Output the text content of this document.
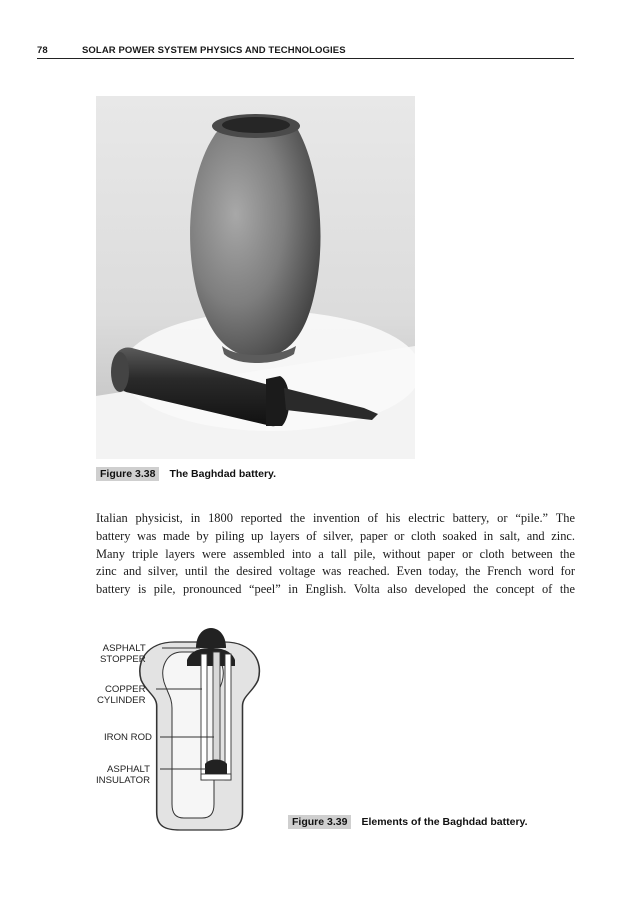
78	SOLAR POWER SYSTEM PHYSICS AND TECHNOLOGIES
Figure 3.38 The Baghdad battery.
Italian physicist, in 1800 reported the invention of his electric battery, or “pile.” The
battery was made by piling up layers of silver, paper or cloth soaked in salt, and zinc.
Many triple layers were assembled into a tall pile, without paper or cloth between the
zinc and silver, until the desired voltage was reached. Even today, the French word for
battery is pile, pronounced “peel” in English. Volta also developed the concept of the
ASPHALT
STOPPER
COPPER
CYLINDER
IRON ROD
ASPHALT
INSULATOR
Figure 3.39 Elements of the Baghdad battery.
